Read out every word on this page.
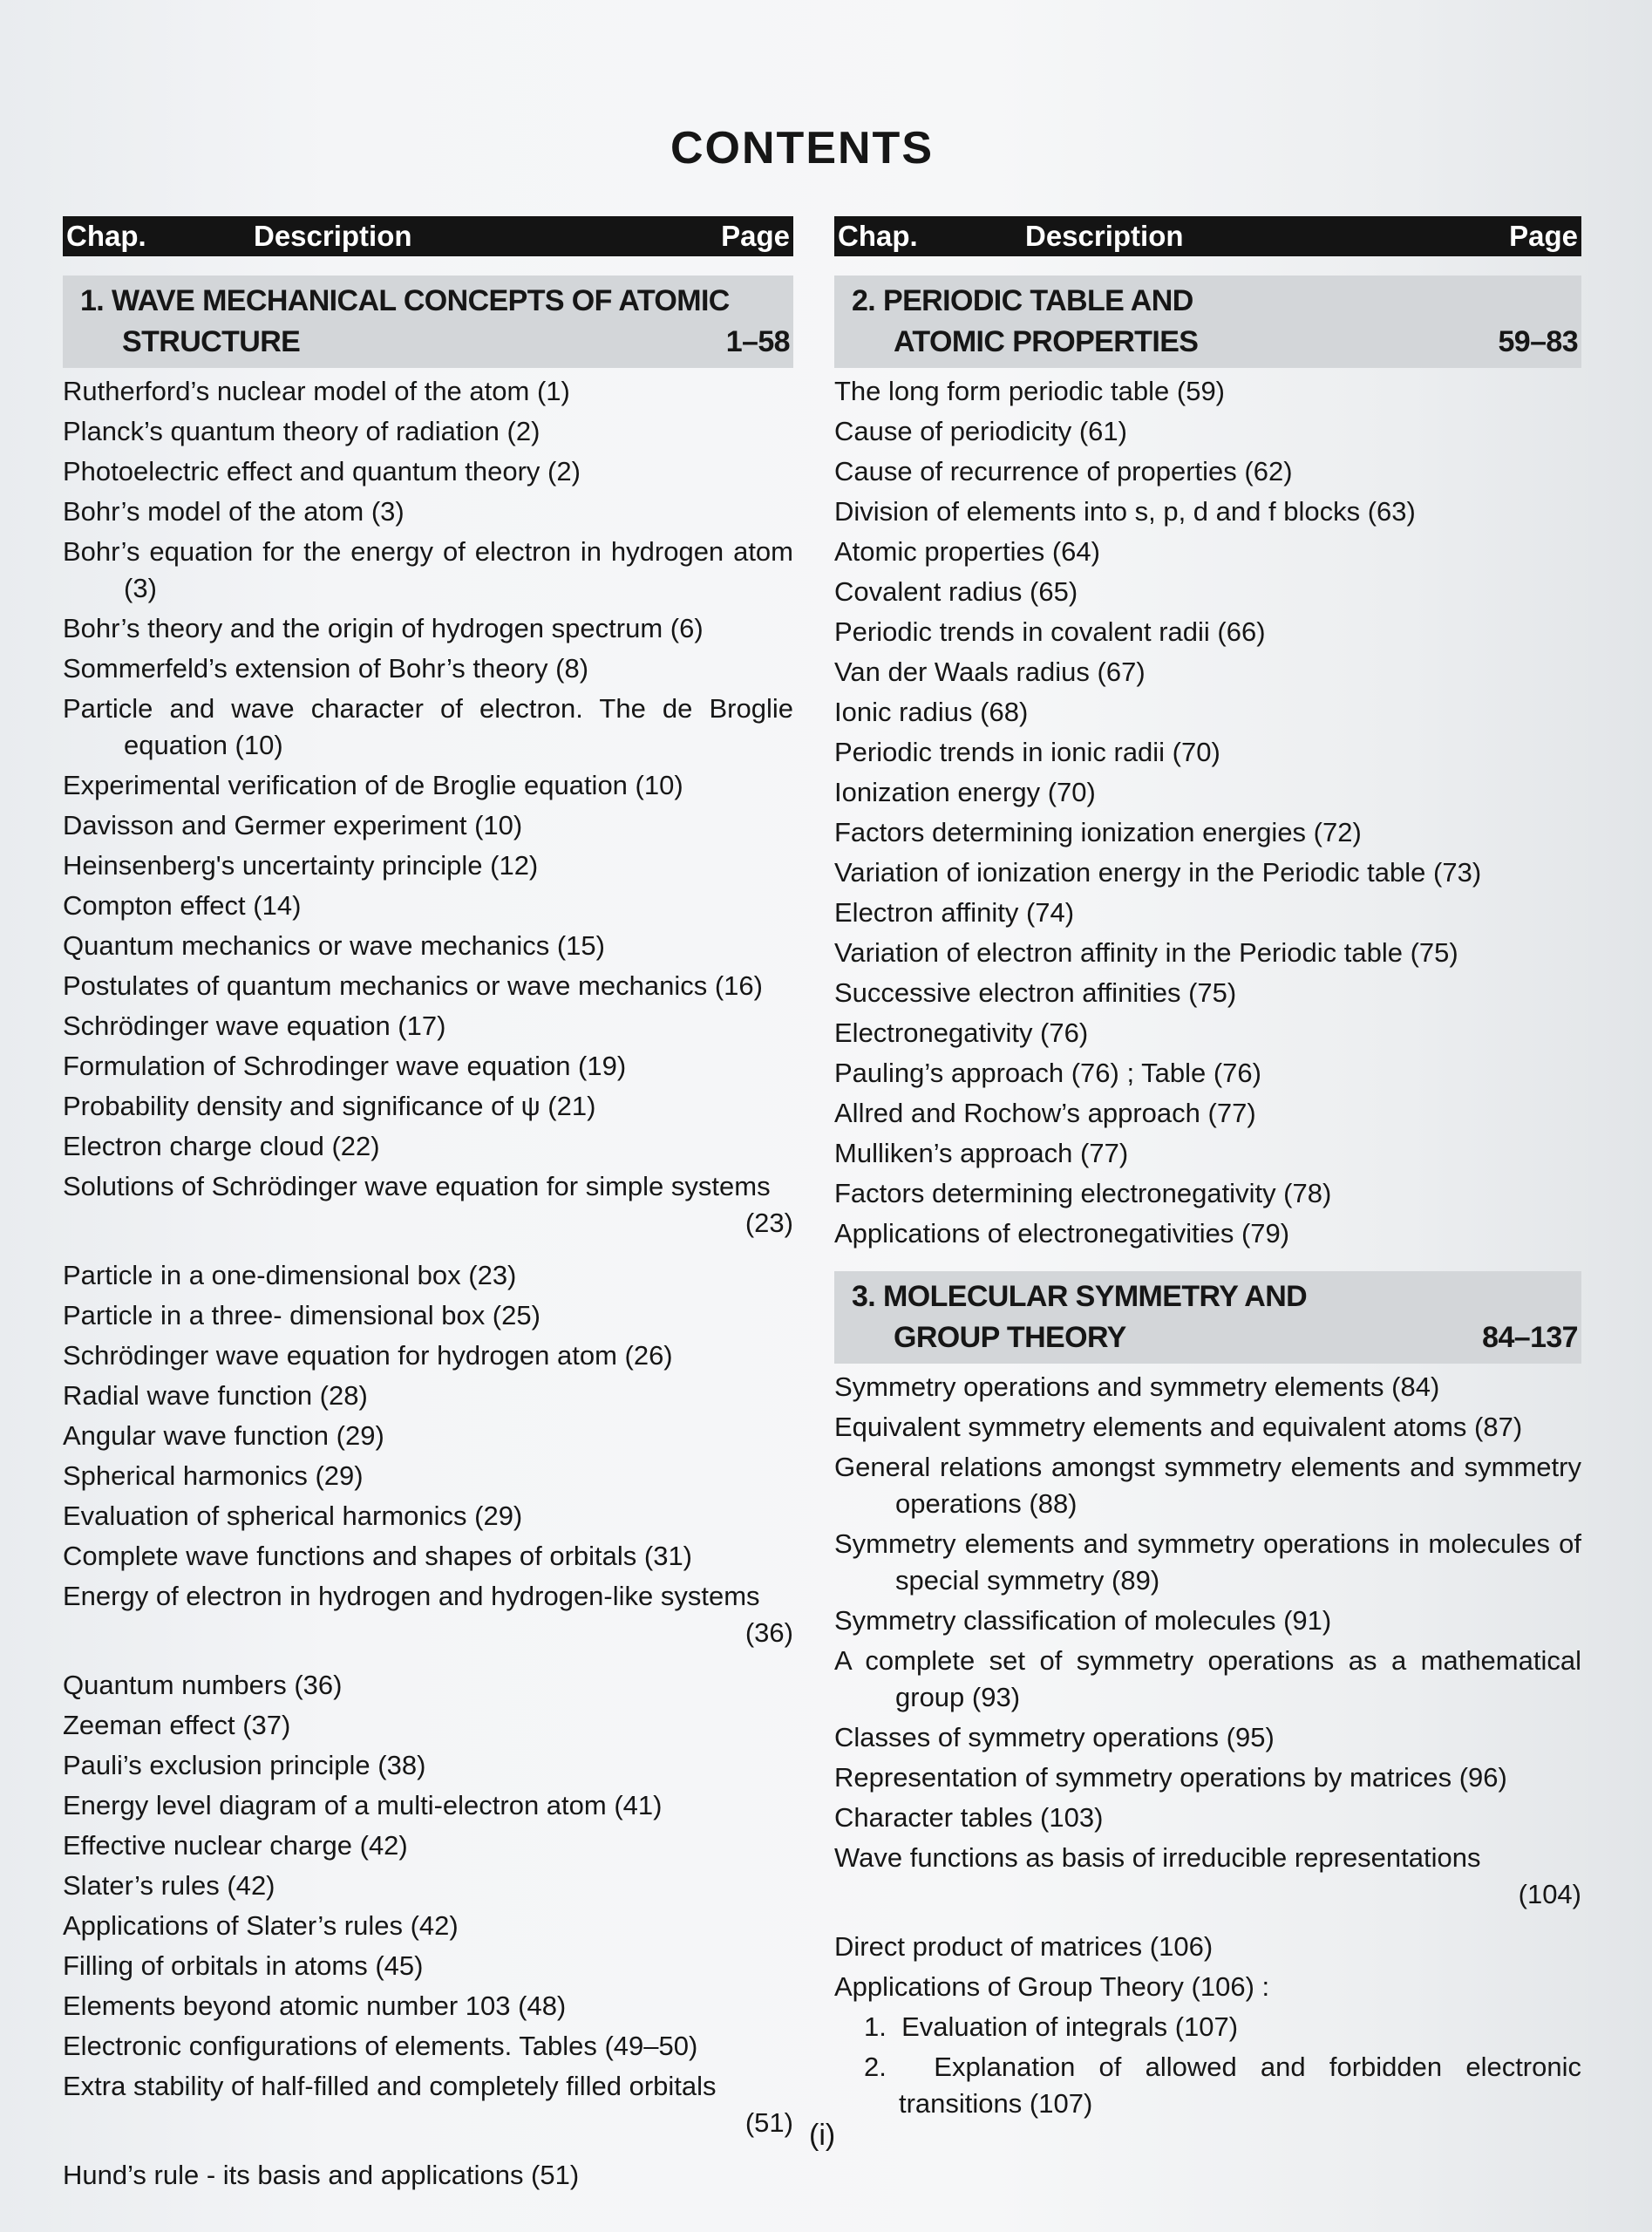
CONTENTS
Chap.	Description	Page
1. WAVE MECHANICAL CONCEPTS OF ATOMIC
STRUCTURE	1–58
Rutherford’s nuclear model of the atom (1)
Planck’s quantum theory of radiation (2)
Photoelectric effect and quantum theory (2)
Bohr’s model of the atom (3)
Bohr’s equation for the energy of electron in hydrogen atom (3)
Bohr’s theory and the origin of hydrogen spectrum (6)
Sommerfeld’s extension of Bohr’s theory (8)
Particle and wave character of electron. The de Broglie equation (10)
Experimental verification of de Broglie equation (10)
Davisson and Germer experiment (10)
Heinsenberg's uncertainty principle (12)
Compton effect (14)
Quantum mechanics or wave mechanics (15)
Postulates of quantum mechanics or wave mechanics (16)
Schrödinger wave equation (17)
Formulation of Schrodinger wave equation (19)
Probability density and significance of ψ (21)
Electron charge cloud (22)
Solutions of Schrödinger wave equation for simple systems
(23)
Particle in a one-dimensional box (23)
Particle in a three- dimensional box (25)
Schrödinger wave equation for hydrogen atom (26)
Radial wave function (28)
Angular wave function (29)
Spherical harmonics (29)
Evaluation of spherical harmonics (29)
Complete wave functions and shapes of orbitals (31)
Energy of electron in hydrogen and hydrogen-like systems
(36)
Quantum numbers (36)
Zeeman effect (37)
Pauli’s exclusion principle (38)
Energy level diagram of a multi-electron atom (41)
Effective nuclear charge (42)
Slater’s rules (42)
Applications of Slater’s rules (42)
Filling of orbitals in atoms (45)
Elements beyond atomic number 103 (48)
Electronic configurations of elements. Tables (49–50)
Extra stability of half-filled and completely filled orbitals
(51)
Hund’s rule - its basis and applications (51)
Chap.	Description	Page
2. PERIODIC TABLE AND
ATOMIC PROPERTIES	59–83
The long form periodic table (59)
Cause of periodicity (61)
Cause of recurrence of properties (62)
Division of elements into s, p, d and f blocks (63)
Atomic properties (64)
Covalent radius (65)
Periodic trends in covalent radii (66)
Van der Waals radius (67)
Ionic radius (68)
Periodic trends in ionic radii (70)
Ionization energy (70)
Factors determining ionization energies (72)
Variation of ionization energy in the Periodic table (73)
Electron affinity (74)
Variation of electron affinity in the Periodic table (75)
Successive electron affinities (75)
Electronegativity (76)
Pauling’s approach (76) ; Table (76)
Allred and Rochow’s approach (77)
Mulliken’s approach (77)
Factors determining electronegativity (78)
Applications of electronegativities (79)
3. MOLECULAR SYMMETRY AND
GROUP THEORY	84–137
Symmetry operations and symmetry elements (84)
Equivalent symmetry elements and equivalent atoms (87)
General relations amongst symmetry elements and symmetry operations (88)
Symmetry elements and symmetry operations in molecules of special symmetry (89)
Symmetry classification of molecules (91)
A complete set of symmetry operations as a mathematical group (93)
Classes of symmetry operations (95)
Representation of symmetry operations by matrices (96)
Character tables (103)
Wave functions as basis of irreducible representations
(104)
Direct product of matrices (106)
Applications of Group Theory (106) :
1. Evaluation of integrals (107)
2. Explanation of allowed and forbidden electronic transitions (107)
(i)
